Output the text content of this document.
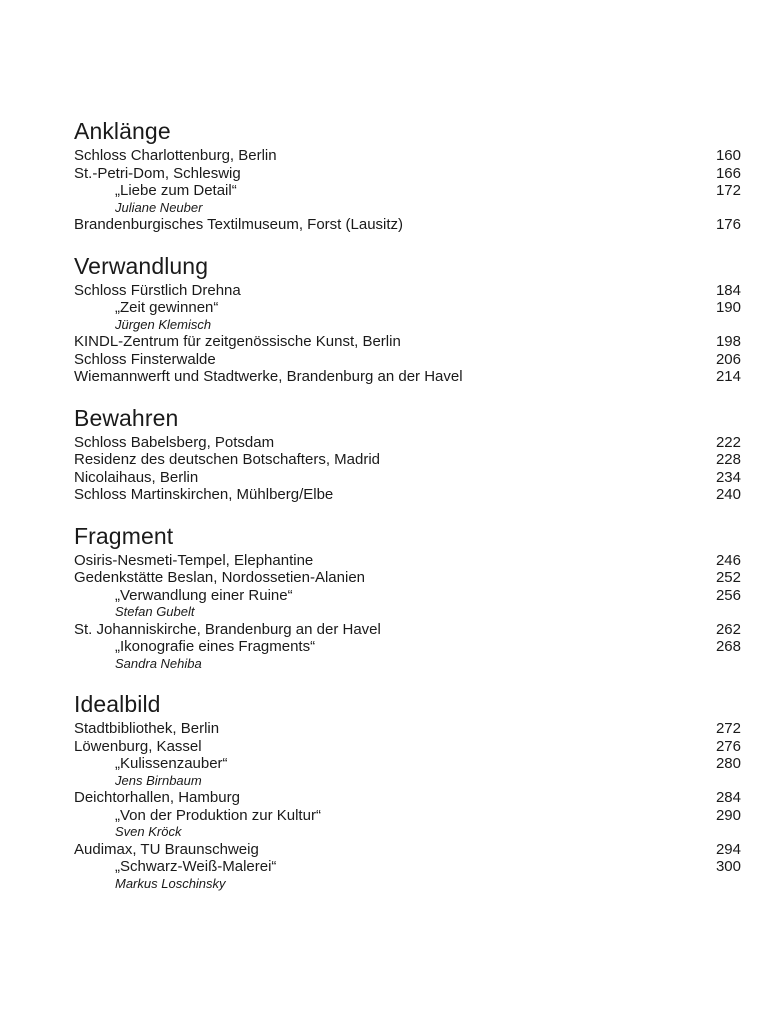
Anklänge
Schloss Charlottenburg, Berlin	160
St.-Petri-Dom, Schleswig	166
„Liebe zum Detail“	172
Juliane Neuber
Brandenburgisches Textilmuseum, Forst (Lausitz)	176
Verwandlung
Schloss Fürstlich Drehna	184
„Zeit gewinnen“	190
Jürgen Klemisch
KINDL-Zentrum für zeitgenössische Kunst, Berlin	198
Schloss Finsterwalde	206
Wiemannwerft und Stadtwerke, Brandenburg an der Havel	214
Bewahren
Schloss Babelsberg, Potsdam	222
Residenz des deutschen Botschafters, Madrid	228
Nicolaihaus, Berlin	234
Schloss Martinskirchen, Mühlberg/Elbe	240
Fragment
Osiris-Nesmeti-Tempel, Elephantine	246
Gedenkstätte Beslan, Nordossetien-Alanien	252
„Verwandlung einer Ruine“	256
Stefan Gubelt
St. Johanniskirche, Brandenburg an der Havel	262
„Ikonografie eines Fragments“	268
Sandra Nehiba
Idealbild
Stadtbibliothek, Berlin	272
Löwenburg, Kassel	276
„Kulissenzauber“	280
Jens Birnbaum
Deichtorhallen, Hamburg	284
„Von der Produktion zur Kultur“	290
Sven Kröck
Audimax, TU Braunschweig	294
„Schwarz-Weiß-Malerei“	300
Markus Loschinsky
